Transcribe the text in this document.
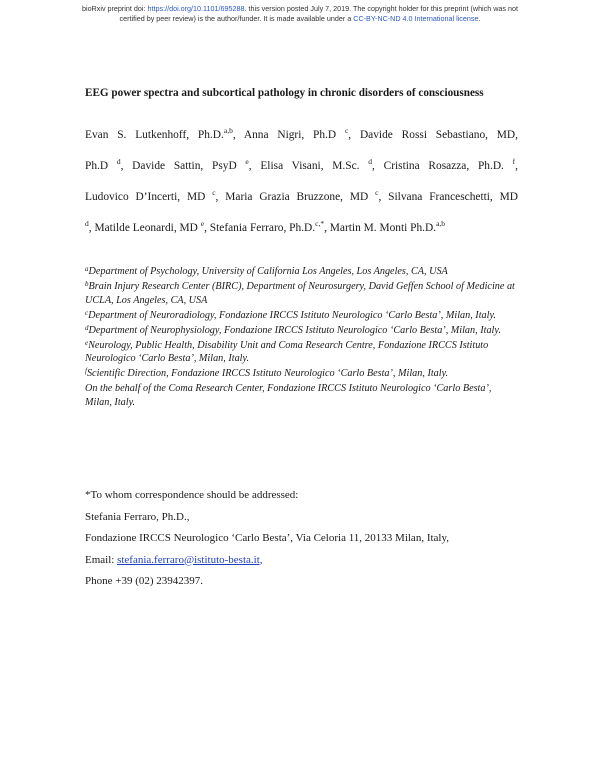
bioRxiv preprint doi: https://doi.org/10.1101/695288. this version posted July 7, 2019. The copyright holder for this preprint (which was not
certified by peer review) is the author/funder. It is made available under a CC-BY-NC-ND 4.0 International license.
EEG power spectra and subcortical pathology in chronic disorders of consciousness
Evan S. Lutkenhoff, Ph.D.$^{a,b}$, Anna Nigri, Ph.D $^c$, Davide Rossi Sebastiano, MD,
Ph.D $^d$, Davide Sattin, PsyD $^e$, Elisa Visani, M.Sc. $^d$, Cristina Rosazza, Ph.D. $^f$,
Ludovico D’Incerti, MD $^c$, Maria Grazia Bruzzone, MD $^c$, Silvana Franceschetti, MD
$^d$, Matilde Leonardi, MD $^e$, Stefania Ferraro, Ph.D.$^{c,*}$, Martin M. Monti Ph.D.$^{a,b}$

$^a$Department of Psychology, University of California Los Angeles, Los Angeles, CA, USA

$^b$Brain Injury Research Center (BIRC), Department of Neurosurgery, David Geffen School of Medicine at UCLA, Los Angeles, CA, USA

$^c$Department of Neuroradiology, Fondazione IRCCS Istituto Neurologico ‘Carlo Besta’, Milan, Italy.

$^d$Department of Neurophysiology, Fondazione IRCCS Istituto Neurologico ‘Carlo Besta’, Milan, Italy.

$^e$Neurology, Public Health, Disability Unit and Coma Research Centre, Fondazione IRCCS Istituto Neurologico ‘Carlo Besta’, Milan, Italy.

$^f$Scientific Direction, Fondazione IRCCS Istituto Neurologico ‘Carlo Besta’, Milan, Italy.

On the behalf of the Coma Research Center, Fondazione IRCCS Istituto Neurologico ‘Carlo Besta’, Milan, Italy.

*To whom correspondence should be addressed:

Stefania Ferraro, Ph.D.,

Fondazione IRCCS Neurologico ‘Carlo Besta’, Via Celoria 11, 20133 Milan, Italy,

Email: stefania.ferraro@istituto-besta.it,

Phone +39 (02) 23942397.
